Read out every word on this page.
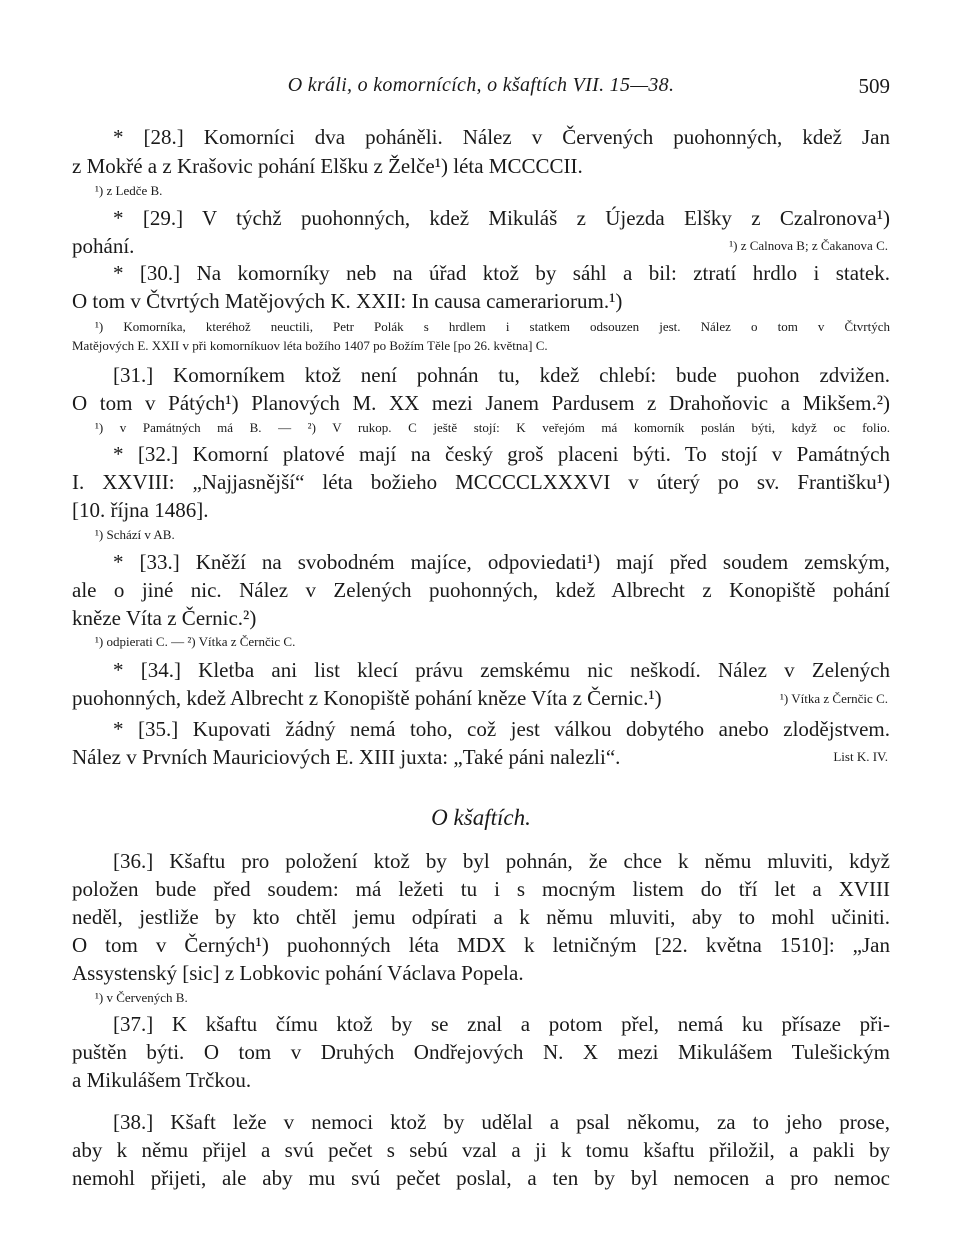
O králi, o komornících, o kšaftích VII. 15—38.	509
* [28.] Komorníci dva poháněli. Nález v Červených puohonných, kdež Jan
z Mokřé a z Krašovic pohání Elšku z Želče¹) léta MCCCCII.
¹) z Ledče B.
* [29.] V týchž puohonných, kdež Mikuláš z Újezda Elšky z Czalronova¹)
pohání.
* [30.] Na komorníky neb na úřad ktož by sáhl a bil: ztratí hrdlo i statek.
O tom v Čtvrtých Matějových K. XXII: In causa camerariorum.¹)
¹) Komorníka, kteréhož neuctili, Petr Polák s hrdlem i statkem odsouzen jest. Nález o tom v Čtvrtých
Matějových E. XXII v při komorníkuov léta božího 1407 po Božím Těle [po 26. května] C.
[31.] Komorníkem ktož není pohnán tu, kdež chlebí: bude puohon zdvižen.
O tom v Pátých¹) Planových M. XX mezi Janem Pardusem z Drahoňovic a Mikšem.²)
¹) v Památných má B. — ²) V rukop. C ještě stojí: K veřejóm má komorník poslán býti, když oc folio.
* [32.] Komorní platové mají na český groš placeni býti. To stojí v Památných
I. XXVIII: „Najjasnější“ léta božieho MCCCCLXXXVI v úterý po sv. Františku¹)
[10. října 1486].
¹) Schází v AB.
* [33.] Kněží na svobodném majíce, odpoviedati¹) mají před soudem zemským,
ale o jiné nic. Nález v Zelených puohonných, kdež Albrecht z Konopiště pohání
kněze Víta z Černic.²)
¹) odpierati C. — ²) Vítka z Černčic C.
* [34.] Kletba ani list klecí právu zemskému nic neškodí. Nález v Zelených
puohonných, kdež Albrecht z Konopiště pohání kněze Víta z Černic.¹)
* [35.] Kupovati žádný nemá toho, což jest válkou dobytého anebo zlodějstvem.
Nález v Prvních Mauriciových E. XIII juxta: „Také páni nalezli“.
[36.] Kšaftu pro položení ktož by byl pohnán, že chce k němu mluviti, když
položen bude před soudem: má ležeti tu i s mocným listem do tří let a XVIII
neděl, jestliže by kto chtěl jemu odpírati a k němu mluviti, aby to mohl učiniti.
O tom v Černých¹) puohonných léta MDX k letničným [22. května 1510]: „Jan
Assystenský [sic] z Lobkovic pohání Václava Popela.
¹) v Červených B.
[37.] K kšaftu čímu ktož by se znal a potom přel, nemá ku přísaze při-
puštěn býti. O tom v Druhých Ondřejových N. X mezi Mikulášem Tulešickým
a Mikulášem Trčkou.
[38.] Kšaft leže v nemoci ktož by udělal a psal někomu, za to jeho prose,
aby k němu přijel a svú pečet s sebú vzal a ji k tomu kšaftu přiložil, a pakli by
nemohl přijeti, ale aby mu svú pečet poslal, a ten by byl nemocen a pro nemoc
¹) z Calnova B; z Čakanova C.
¹) Vítka z Černčic C.
List K. IV.
O kšaftích.
